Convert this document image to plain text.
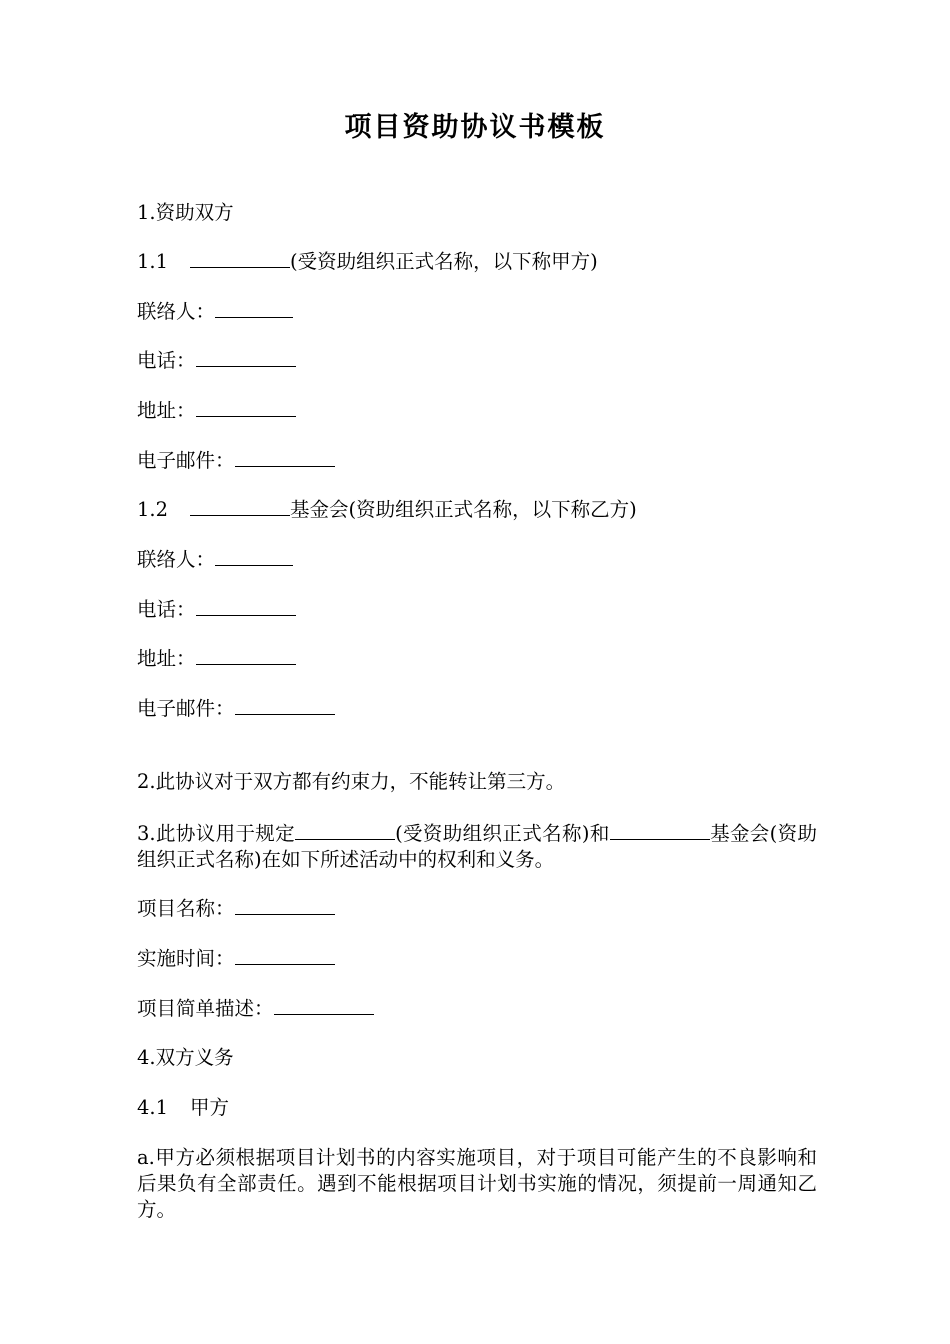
项目资助协议书模板
1.资助双方
1.1	(受资助组织正式名称，以下称甲方)
联络人：
电话：
地址：
电子邮件：
1.2	基金会(资助组织正式名称，以下称乙方)
联络人：
电话：
地址：
电子邮件：
2.此协议对于双方都有约束力，不能转让第三方。
3.此协议用于规定	(受资助组织正式名称)和	基金会(资助组织正式名称)在如下所述活动中的权利和义务。
项目名称：
实施时间：
项目简单描述：
4.双方义务
4.1 甲方
a.甲方必须根据项目计划书的内容实施项目，对于项目可能产生的不良影响和后果负有全部责任。遇到不能根据项目计划书实施的情况，须提前一周通知乙方。
